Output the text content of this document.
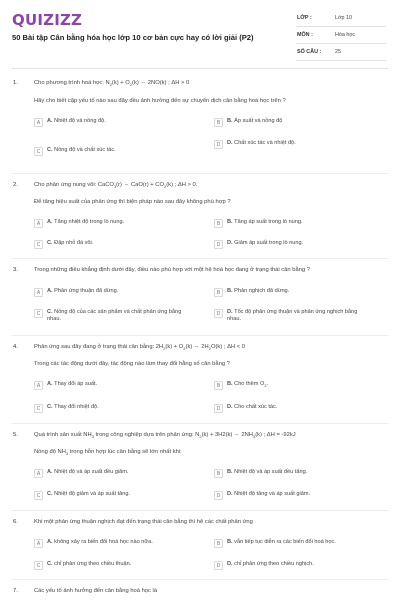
QUIZIZZ
50 Bài tập Cân bằng hóa học lớp 10 cơ bản cực hay có lời giải (P2)
LỚP :	Lớp 10
MÔN :	Hóa học
SỐ CÂU :	25
1.	Cho phương trình hoá học: $N_2(k) + O_2(k)$ ⇔ 2NO(k) ; ΔH > 0
Hãy cho biết cặp yếu tố nào sau đây đều ảnh hưởng đến sự chuyển dịch cân bằng hoá học trên ?
A	A. Nhiệt độ và nồng độ.	B	B. Áp suất và nồng độ
C	C. Nồng độ và chất xúc tác.
D	D. Chất xúc tác và nhiệt độ.
2.	Cho phản ứng nung vôi: CaCO$_3$(r) ⇔ $CaO(r) + CO_2(k)$ ; ΔH > 0.
Để tăng hiệu suất của phản ứng thì biện pháp nào sau đây không phù hợp ?
A	A. Tăng nhiệt độ trong lò nung.	B	B. Tăng áp suất trong lò nung.
C	C. Đập nhỏ đá vôi.	D	D. Giảm áp suất trong lò nung.
3.	Trong những điều khẳng định dưới đây, điều nào phù hợp với một hệ hoá học đang ở trạng thái cân bằng ?
A	A. Phản ứng thuận đã dừng.	B	B. Phản nghịch đã dừng.
C	C. Nồng độ của các sản phẩm và chất phản ứng bằng nhau.
D	D. Tốc độ phản ứng thuận và phản ứng nghịch bằng nhau.
4.	Phản ứng sau đây đang ở trạng thái cân bằng: $2H_2(k) + O_2(k)$ ⇔ $2H_2O(k)$ ; ΔH < 0
Trong các tác động dưới đây, tác động nào làm thay đổi hằng số cân bằng ?
A	A. Thay đổi áp suất.	B	B. Cho thêm $O_2$.
C	C. Thay đổi nhiệt độ.	D	D. Cho chất xúc tác.
5.	Quá trình sản xuất $NH_3$ trong công nghiệp dựa trên phản ứng: $N_2(k) + 3H2(k)$ ⇔ $2NH_3(k)$ ; ΔH = -92kJ
Nồng độ $NH_3$ trong hỗn hợp lúc cân bằng sẽ lớn nhất khi:
A	A. Nhiệt độ và áp suất đều giảm.	B	B. Nhiệt độ và áp suất đều tăng.
C	C. Nhiệt độ giảm và áp suất tăng.	D	D. Nhiệt độ tăng và áp suất giảm.
6.	Khi một phản ứng thuận nghịch đạt đến trạng thái cân bằng thì hệ các chất phản ứng
A	A. không xảy ra biến đổi hoá học nào nữa.	B	B. vẫn tiếp tục diễn ra các biến đổi hoá học.
C	C. chỉ phản ứng theo chiều thuận.	D	D. chỉ phản ứng theo chiều nghịch.
7.	Các yếu tố ảnh hưởng đến cân bằng hoá học là
